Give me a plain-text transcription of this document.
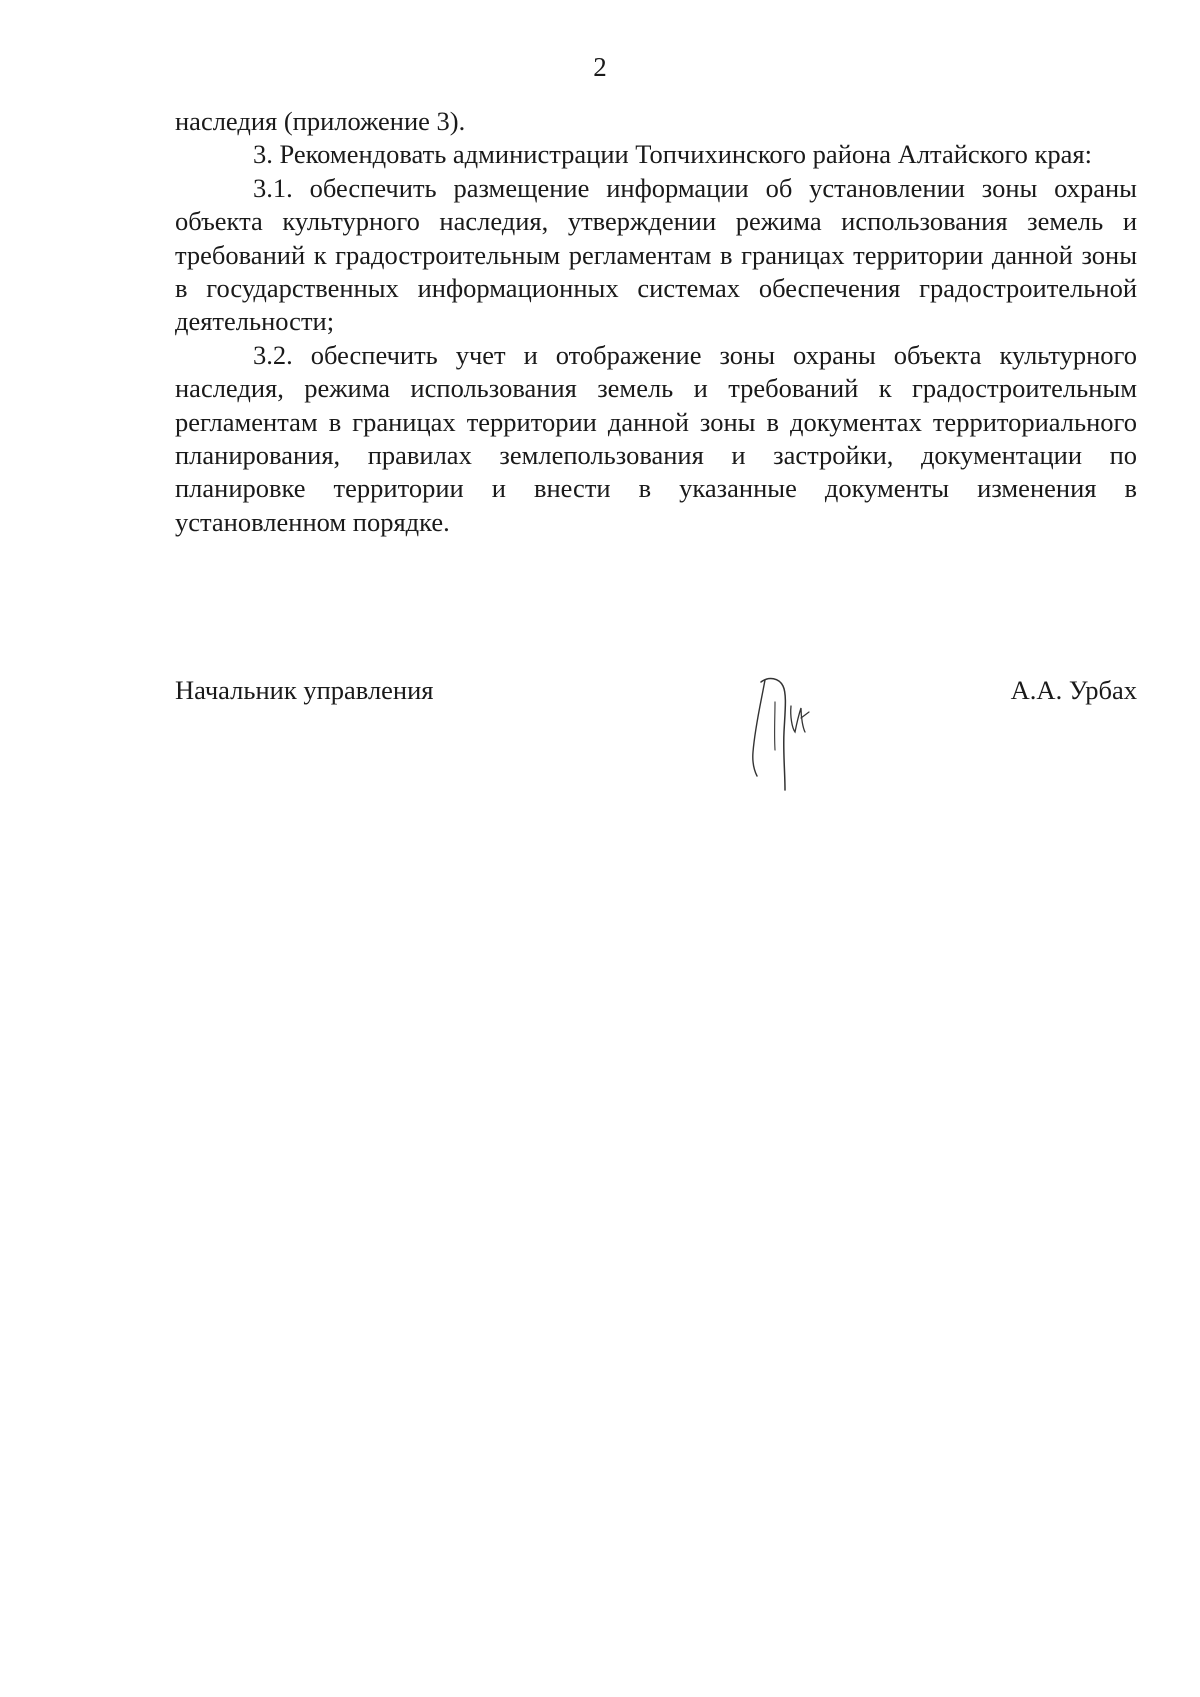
2

наследия (приложение 3).

3. Рекомендовать администрации Топчихинского района Алтайского края:

3.1. обеспечить размещение информации об установлении зоны охраны объекта культурного наследия, утверждении режима использования земель и требований к градостроительным регламентам в границах территории данной зоны в государственных информационных системах обеспечения градостроительной деятельности;

3.2. обеспечить учет и отображение зоны охраны объекта культурного наследия, режима использования земель и требований к градостроительным регламентам в границах территории данной зоны в документах территориального планирования, правилах землепользования и застройки, документации по планировке территории и внести в указанные документы изменения в установленном порядке.

Начальник управления	А.А. Урбах
